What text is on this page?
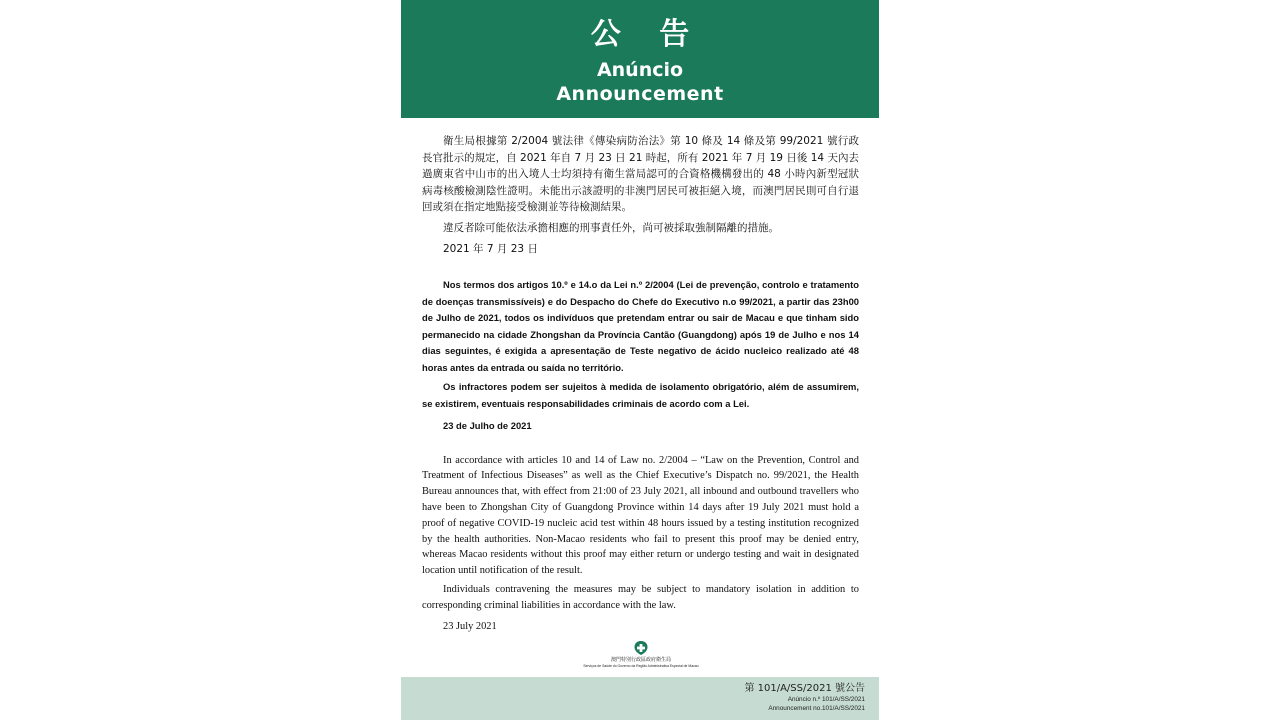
公 告
Anúncio
Announcement

衛生局根據第 2/2004 號法律《傳染病防治法》第 10 條及 14 條及第 99/2021 號行政長官批示的規定，自 2021 年自 7 月 23 日 21 時起，所有 2021 年 7 月 19 日後 14 天內去過廣東省中山市的出入境人士均須持有衛生當局認可的合資格機構發出的 48 小時內新型冠狀病毒核酸檢測陰性證明。未能出示該證明的非澳門居民可被拒絕入境，而澳門居民則可自行退回或須在指定地點接受檢測並等待檢測結果。

違反者除可能依法承擔相應的刑事責任外，尚可被採取強制隔離的措施。

2021 年 7 月 23 日

Nos termos dos artigos 10.º e 14.o da Lei n.º 2/2004 (Lei de prevenção, controlo e tratamento de doenças transmissíveis) e do Despacho do Chefe do Executivo n.o 99/2021, a partir das 23h00 de Julho de 2021, todos os indivíduos que pretendam entrar ou sair de Macau e que tinham sido permanecido na cidade Zhongshan da Província Cantão (Guangdong) após 19 de Julho e nos 14 dias seguintes, é exigida a apresentação de Teste negativo de ácido nucleico realizado até 48 horas antes da entrada ou saída no território.

Os infractores podem ser sujeitos à medida de isolamento obrigatório, além de assumirem, se existirem, eventuais responsabilidades criminais de acordo com a Lei.

23 de Julho de 2021

In accordance with articles 10 and 14 of Law no. 2/2004 – “Law on the Prevention, Control and Treatment of Infectious Diseases” as well as the Chief Executive’s Dispatch no. 99/2021, the Health Bureau announces that, with effect from 21:00 of 23 July 2021, all inbound and outbound travellers who have been to Zhongshan City of Guangdong Province within 14 days after 19 July 2021 must hold a proof of negative COVID-19 nucleic acid test within 48 hours issued by a testing institution recognized by the health authorities. Non-Macao residents who fail to present this proof may be denied entry, whereas Macao residents without this proof may either return or undergo testing and wait in designated location until notification of the result.

Individuals contravening the measures may be subject to mandatory isolation in addition to corresponding criminal liabilities in accordance with the law.

23 July 2021

澳門特別行政區政府衛生局
Serviços de Saúde do Governo da Região Administrativa Especial de Macau
第 101/A/SS/2021 號公告
Anúncio n.º 101/A/SS/2021
Announcement no.101/A/SS/2021
